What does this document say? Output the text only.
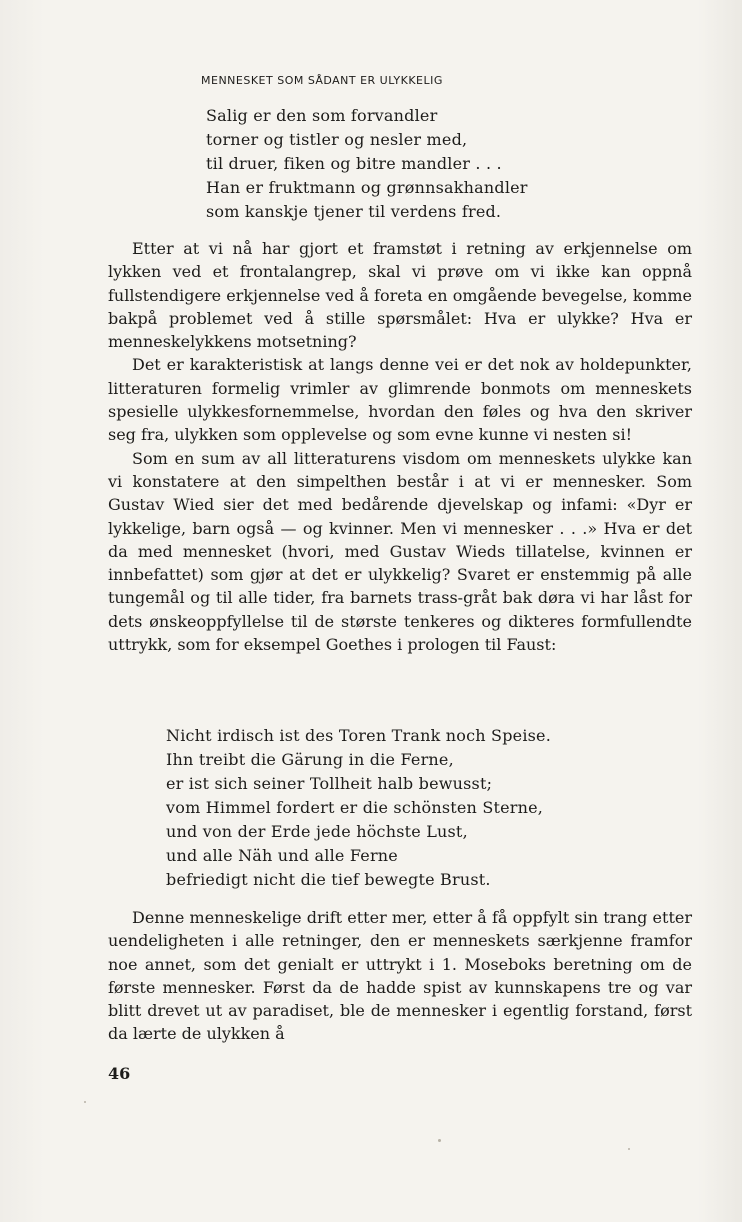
MENNESKET SOM SÅDANT ER ULYKKELIG
Salig er den som forvandler
torner og tistler og nesler med,
til druer, fiken og bitre mandler . . .
Han er fruktmann og grønnsakhandler
som kanskje tjener til verdens fred.

Etter at vi nå har gjort et framstøt i retning av erkjennelse om lykken ved et frontalangrep, skal vi prøve om vi ikke kan oppnå fullstendigere erkjennelse ved å foreta en omgående bevegelse, komme bakpå problemet ved å stille spørsmålet: Hva er ulykke? Hva er menneskelykkens motsetning?

Det er karakteristisk at langs denne vei er det nok av holdepunkter, litteraturen formelig vrimler av glimrende bonmots om menneskets spesielle ulykkesfornemmelse, hvordan den føles og hva den skriver seg fra, ulykken som opplevelse og som evne kunne vi nesten si!

Som en sum av all litteraturens visdom om menneskets ulykke kan vi konstatere at den simpelthen består i at vi er mennesker. Som Gustav Wied sier det med bedårende djevelskap og infami: «Dyr er lykkelige, barn også — og kvinner. Men vi mennesker . . .» Hva er det da med mennesket (hvori, med Gustav Wieds tillatelse, kvinnen er innbefattet) som gjør at det er ulykkelig? Svaret er enstemmig på alle tungemål og til alle tider, fra barnets trass-gråt bak døra vi har låst for dets ønskeoppfyllelse til de største tenkeres og dikteres formfullendte uttrykk, som for eksempel Goethes i prologen til Faust:

Nicht irdisch ist des Toren Trank noch Speise.
Ihn treibt die Gärung in die Ferne,
er ist sich seiner Tollheit halb bewusst;
vom Himmel fordert er die schönsten Sterne,
und von der Erde jede höchste Lust,
und alle Näh und alle Ferne
befriedigt nicht die tief bewegte Brust.

Denne menneskelige drift etter mer, etter å få oppfylt sin trang etter uendeligheten i alle retninger, den er menneskets særkjenne framfor noe annet, som det genialt er uttrykt i 1. Moseboks beretning om de første mennesker. Først da de hadde spist av kunnskapens tre og var blitt drevet ut av paradiset, ble de mennesker i egentlig forstand, først da lærte de ulykken å

46
